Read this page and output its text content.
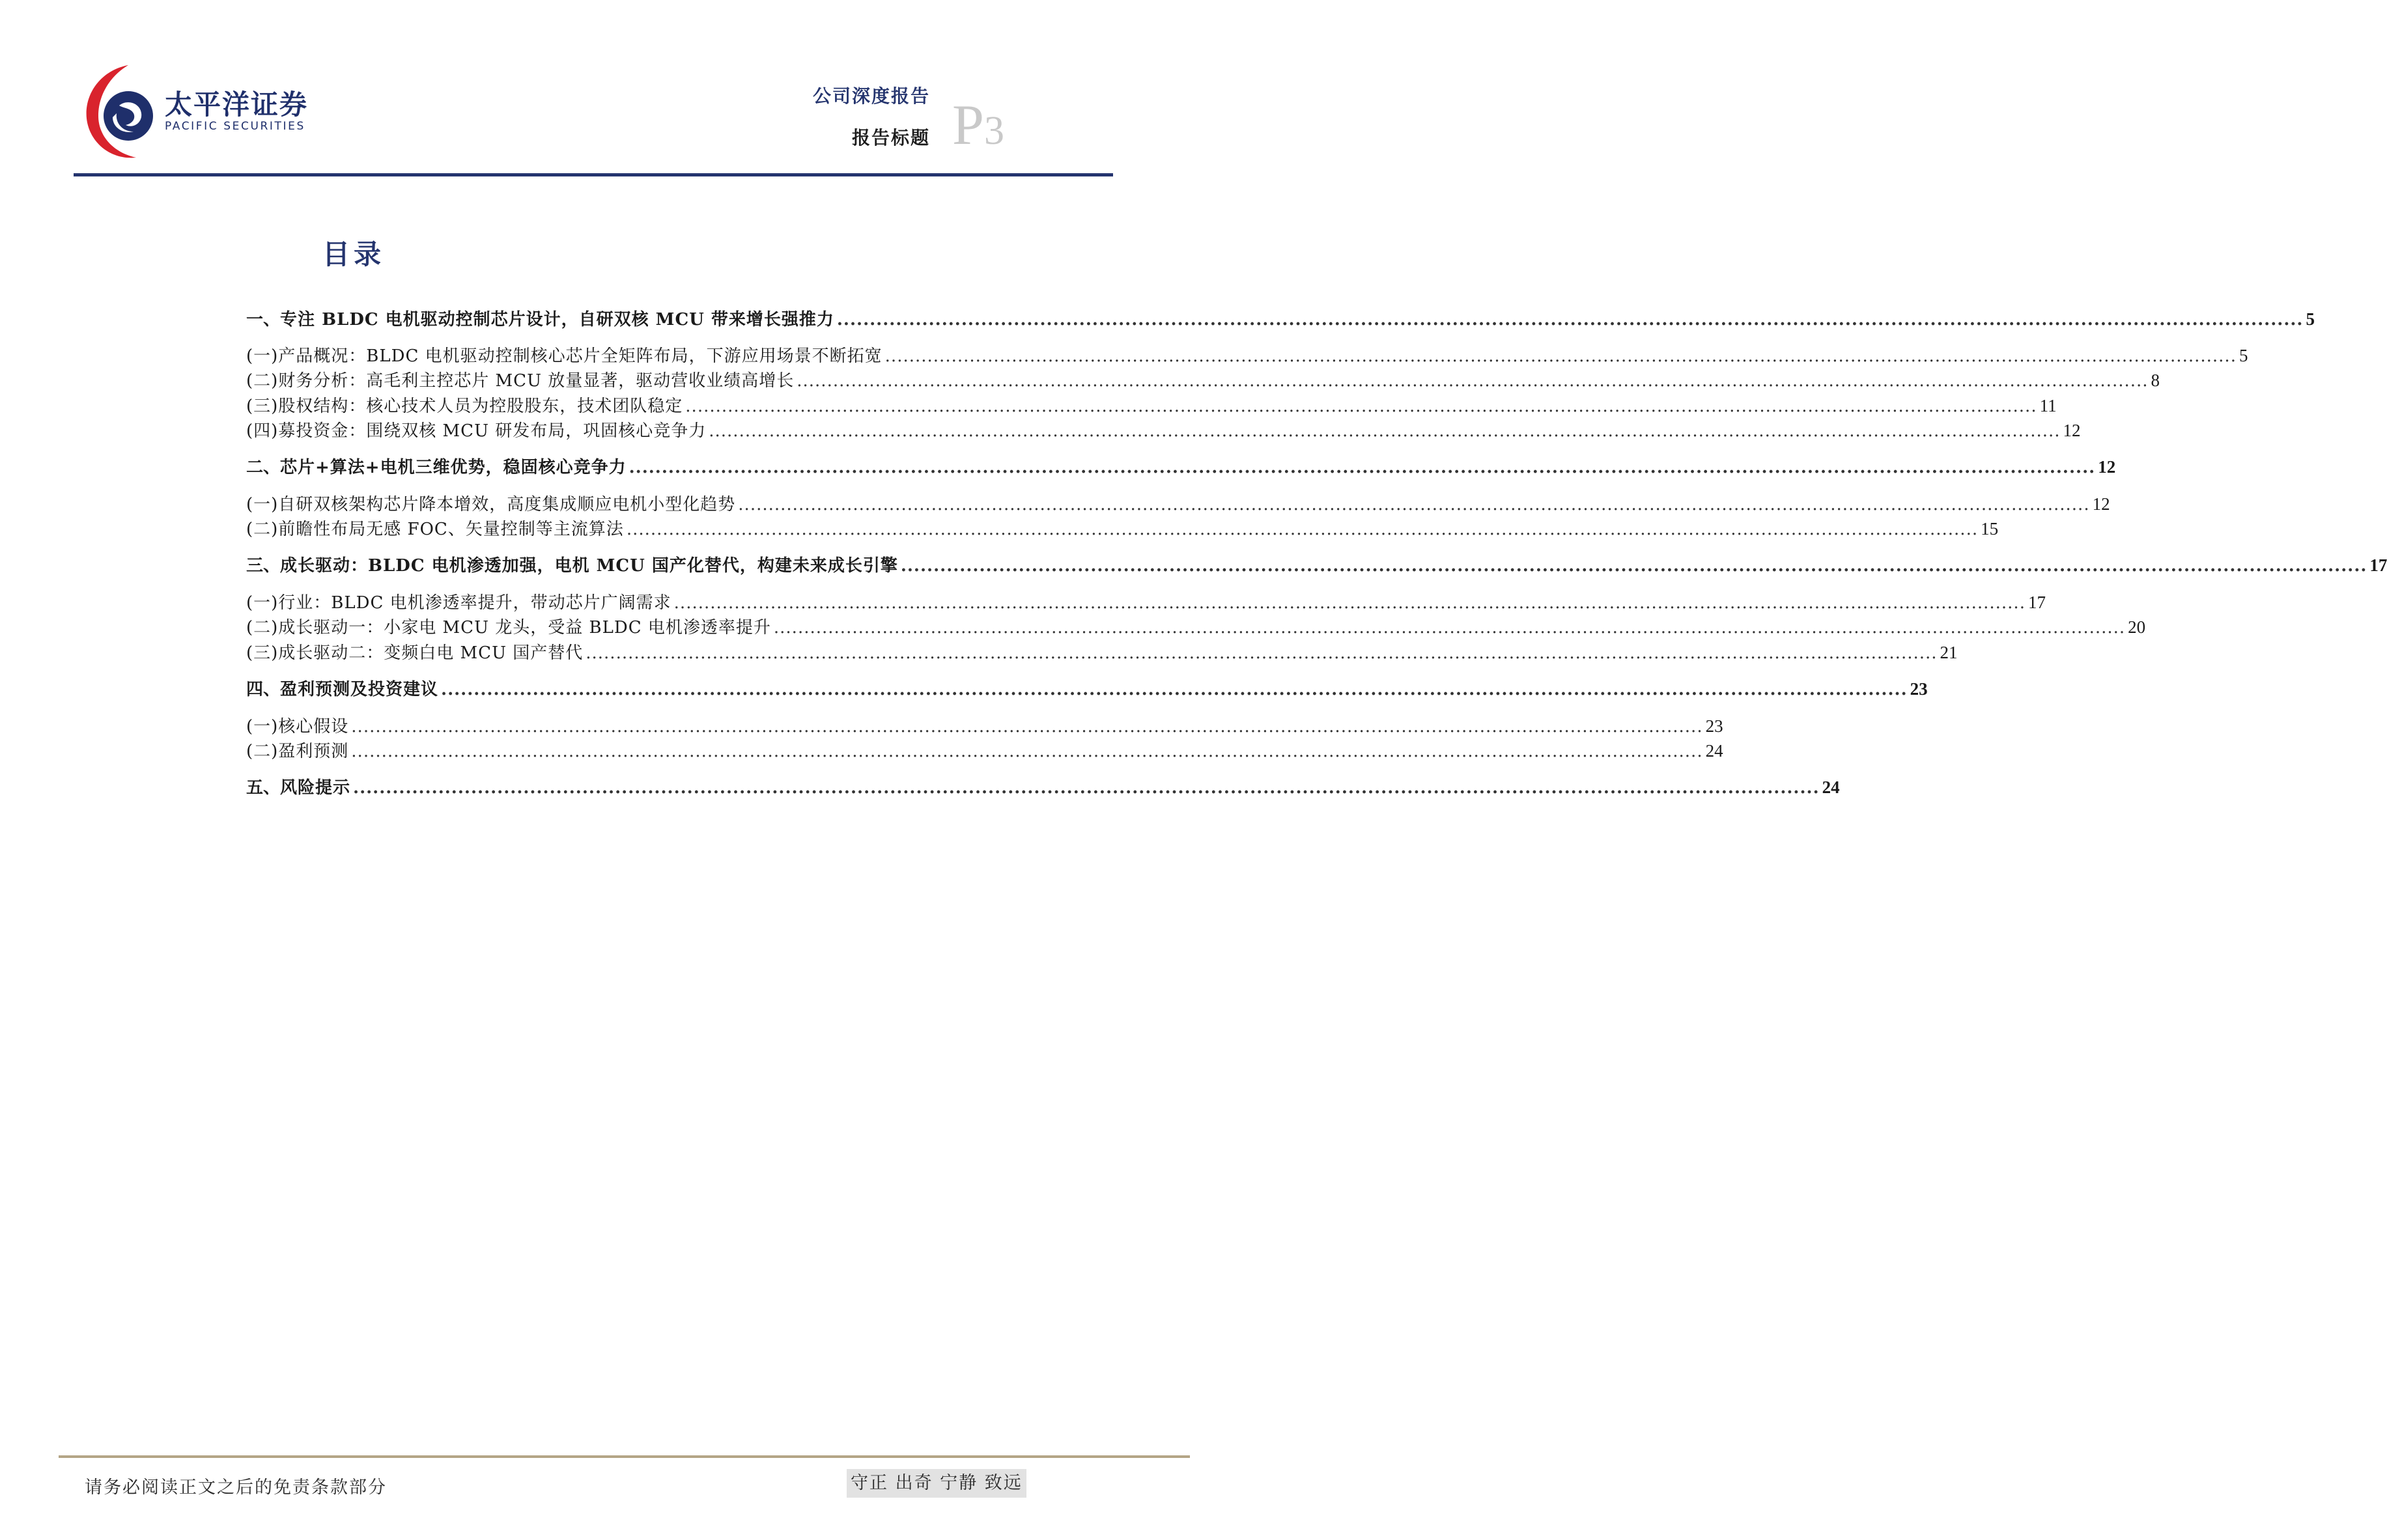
太平洋证券
PACIFIC SECURITIES
公司深度报告
报告标题 P3
目录
一、 专注 BLDC 电机驱动控制芯片设计，自研双核 MCU 带来增长强推力 ................................................................................................................................................................................................................................ 5
(一)产品概况：BLDC 电机驱动控制核心芯片全矩阵布局，下游应用场景不断拓宽 ................................................................................................................................................................................................................................ 5
(二)财务分析：高毛利主控芯片 MCU 放量显著，驱动营收业绩高增长 ................................................................................................................................................................................................................................ 8
(三)股权结构：核心技术人员为控股股东，技术团队稳定 ................................................................................................................................................................................................................................ 11
(四)募投资金：围绕双核 MCU 研发布局，巩固核心竞争力 ................................................................................................................................................................................................................................ 12
二、 芯片+算法+电机三维优势，稳固核心竞争力 ................................................................................................................................................................................................................................ 12
(一)自研双核架构芯片降本增效，高度集成顺应电机小型化趋势 ................................................................................................................................................................................................................................ 12
(二)前瞻性布局无感 FOC、矢量控制等主流算法 ................................................................................................................................................................................................................................ 15
三、 成长驱动：BLDC 电机渗透加强，电机 MCU 国产化替代，构建未来成长引擎 ................................................................................................................................................................................................................................ 17
(一)行业：BLDC 电机渗透率提升，带动芯片广阔需求 ................................................................................................................................................................................................................................ 17
(二)成长驱动一：小家电 MCU 龙头，受益 BLDC 电机渗透率提升 ................................................................................................................................................................................................................................ 20
(三)成长驱动二：变频白电 MCU 国产替代 ................................................................................................................................................................................................................................ 21
四、 盈利预测及投资建议 ................................................................................................................................................................................................................................ 23
(一)核心假设 ................................................................................................................................................................................................................................ 23
(二)盈利预测 ................................................................................................................................................................................................................................ 24
五、 风险提示 ................................................................................................................................................................................................................................ 24
请务必阅读正文之后的免责条款部分	守正 出奇 宁静 致远
